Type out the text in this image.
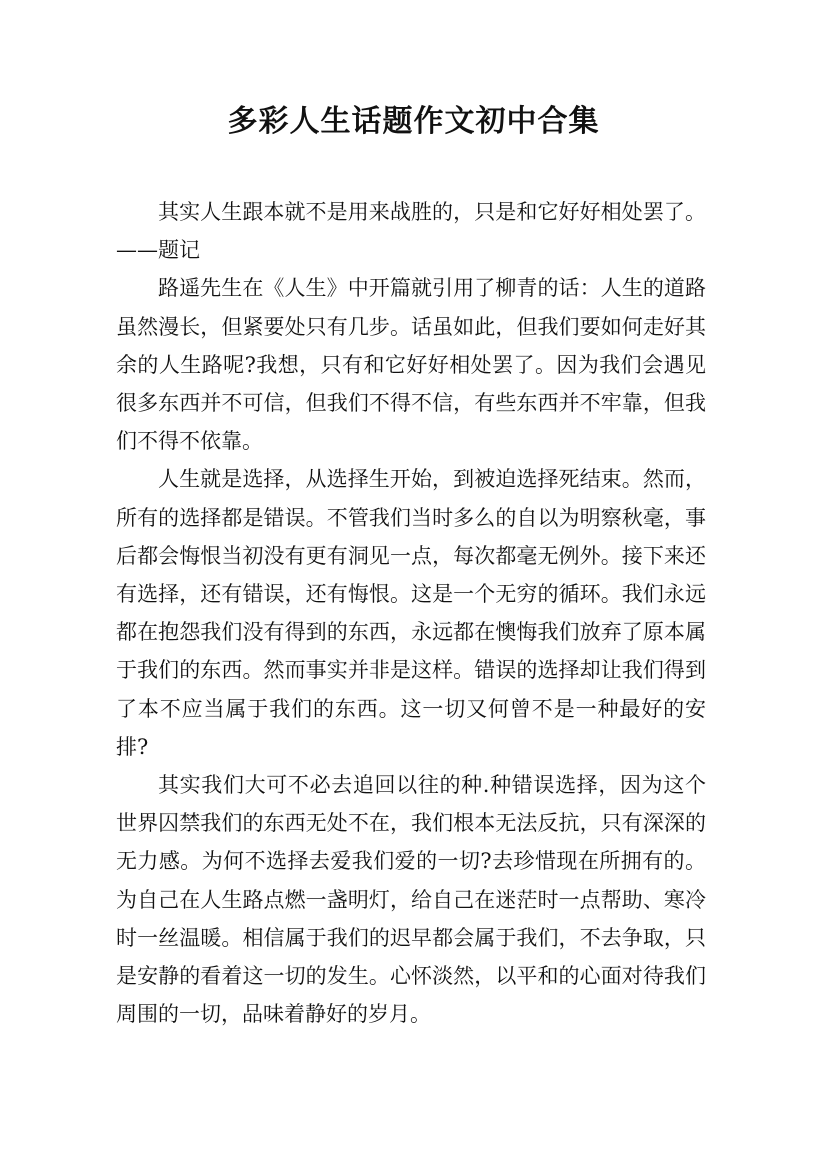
多彩人生话题作文初中合集

其实人生跟本就不是用来战胜的，只是和它好好相处罢了。——题记

路遥先生在《人生》中开篇就引用了柳青的话：人生的道路虽然漫长，但紧要处只有几步。话虽如此，但我们要如何走好其余的人生路呢?我想，只有和它好好相处罢了。因为我们会遇见很多东西并不可信，但我们不得不信，有些东西并不牢靠，但我们不得不依靠。

人生就是选择，从选择生开始，到被迫选择死结束。然而，所有的选择都是错误。不管我们当时多么的自以为明察秋毫，事后都会悔恨当初没有更有洞见一点，每次都毫无例外。接下来还有选择，还有错误，还有悔恨。这是一个无穷的循环。我们永远都在抱怨我们没有得到的东西，永远都在懊悔我们放弃了原本属于我们的东西。然而事实并非是这样。错误的选择却让我们得到了本不应当属于我们的东西。这一切又何曾不是一种最好的安排?

其实我们大可不必去追回以往的种.种错误选择，因为这个世界囚禁我们的东西无处不在，我们根本无法反抗，只有深深的无力感。为何不选择去爱我们爱的一切?去珍惜现在所拥有的。为自己在人生路点燃一盏明灯，给自己在迷茫时一点帮助、寒冷时一丝温暖。相信属于我们的迟早都会属于我们，不去争取，只是安静的看着这一切的发生。心怀淡然，以平和的心面对待我们周围的一切，品味着静好的岁月。
